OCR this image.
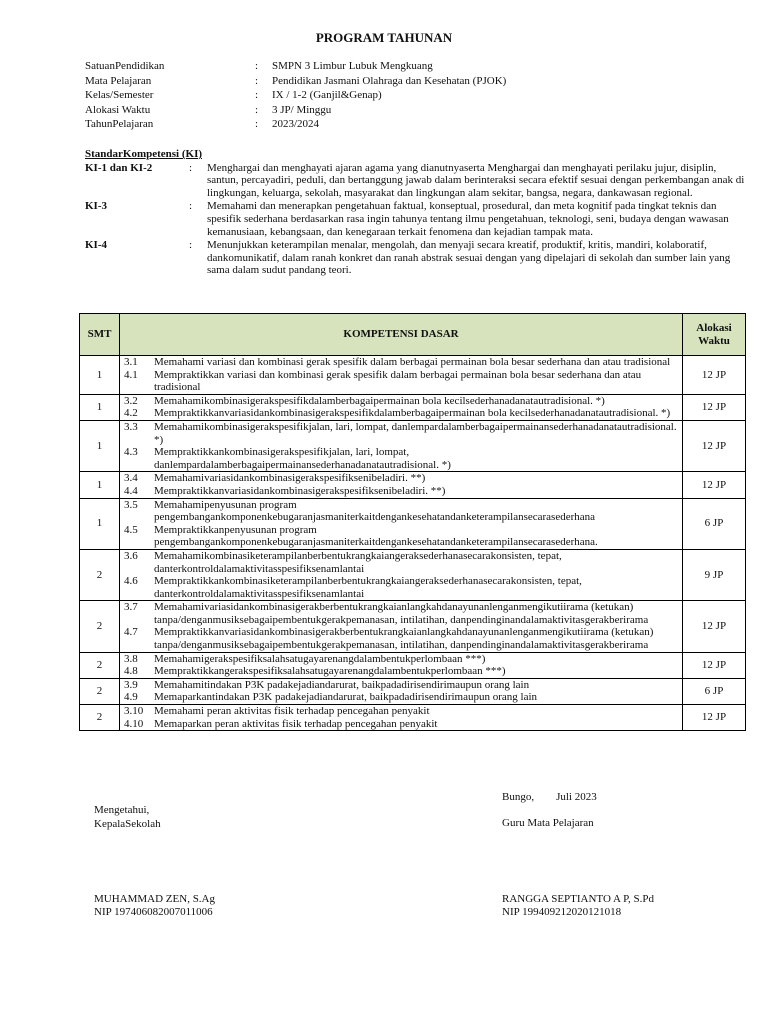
PROGRAM TAHUNAN
SatuanPendidikan	:	SMPN 3 Limbur Lubuk Mengkuang
Mata Pelajaran	:	Pendidikan Jasmani Olahraga dan Kesehatan (PJOK)
Kelas/Semester	:	IX / 1-2 (Ganjil&Genap)
Alokasi Waktu	:	3 JP/ Minggu
TahunPelajaran	:	2023/2024
StandarKompetensi (KI)
KI-1 dan KI-2	:	Menghargai dan menghayati ajaran agama yang dianutnyaserta Menghargai dan menghayati perilaku jujur, disiplin, santun, percayadiri, peduli, dan bertanggung jawab dalam berinteraksi secara efektif sesuai dengan perkembangan anak di lingkungan, keluarga, sekolah, masyarakat dan lingkungan alam sekitar, bangsa, negara, dankawasan regional.
KI-3	:	Memahami dan menerapkan pengetahuan faktual, konseptual, prosedural, dan meta kognitif pada tingkat teknis dan spesifik sederhana berdasarkan rasa ingin tahunya tentang ilmu pengetahuan, teknologi, seni, budaya dengan wawasan kemanusiaan, kebangsaan, dan kenegaraan terkait fenomena dan kejadian tampak mata.
KI-4	:	Menunjukkan keterampilan menalar, mengolah, dan menyaji secara kreatif, produktif, kritis, mandiri, kolaboratif, dankomunikatif, dalam ranah konkret dan ranah abstrak sesuai dengan yang dipelajari di sekolah dan sumber lain yang sama dalam sudut pandang teori.
SMT	KOMPETENSI DASAR	Alokasi Waktu
1	3.1 Memahami variasi dan kombinasi gerak spesifik dalam berbagai permainan bola besar sederhana dan atau tradisional
4.1 Mempraktikkan variasi dan kombinasi gerak spesifik dalam berbagai permainan bola besar sederhana dan atau tradisional	12 JP
1	3.2 Memahamikombinasigerakspesifikdalamberbagaipermainan bola kecilsederhanadanatautradisional. *)
4.2 Mempraktikkanvariasidankombinasigerakspesifikdalamberbagaipermainan bola kecilsederhanadanatautradisional. *)	12 JP
1	3.3 Memahamikombinasigerakspesifikjalan, lari, lompat, danlempardalamberbagaipermainansederhanadanatautradisional. *)
4.3 Mempraktikkankombinasigerakspesifikjalan, lari, lompat, danlempardalamberbagaipermainansederhanadanatautradisional. *)	12 JP
1	3.4 Memahamivariasidankombinasigerakspesifiksenibeladiri. **)
4.4 Mempraktikkanvariasidankombinasigerakspesifiksenibeladiri. **)	12 JP
1	3.5 Memahamipenyusunan program pengembangankomponenkebugaranjasmaniterkaitdengankesehatandanketerampilansecarasederhana
4.5 Mempraktikkanpenyusunan program pengembangankomponenkebugaranjasmaniterkaitdengankesehatandanketerampilansecarasederhana.	6 JP
2	3.6 Memahamikombinasiketerampilanberbentukrangkaiangeraksederhanasecarakonsisten, tepat, danterkontroldalamaktivitasspesifiksenamlantai
4.6 Mempraktikkankombinasiketerampilanberbentukrangkaiangeraksederhanasecarakonsisten, tepat, danterkontroldalamaktivitasspesifiksenamlantai	9 JP
2	3.7 Memahamivariasidankombinasigerakberbentukrangkaianlangkahdanayunanlenganmengikutiirama (ketukan) tanpa/denganmusiksebagaipembentukgerakpemanasan, intilatihan, danpendinginandalamaktivitasgerakberirama
4.7 Mempraktikkanvariasidankombinasigerakberbentukrangkaianlangkahdanayunanlenganmengikutiirama (ketukan) tanpa/denganmusiksebagaipembentukgerakpemanasan, intilatihan, danpendinginandalamaktivitasgerakberirama	12 JP
2	3.8 Memahamigerakspesifiksalahsatugayarenangdalambentukperlombaan ***)
4.8 Mempraktikkangerakspesifiksalahsatugayarenangdalambentukperlombaan ***)	12 JP
2	3.9 Memahamitindakan P3K padakejadiandarurat, baikpadadirisendirimaupun orang lain
4.9 Memaparkantindakan P3K padakejadiandarurat, baikpadadirisendirimaupun orang lain	6 JP
2	3.10 Memahami peran aktivitas fisik terhadap pencegahan penyakit
4.10 Memaparkan peran aktivitas fisik terhadap pencegahan penyakit	12 JP
Bungo, Juli 2023
Mengetahui,
KepalaSekolah	Guru Mata Pelajaran
MUHAMMAD ZEN, S.Ag
NIP 197406082007011006
RANGGA SEPTIANTO A P, S.Pd
NIP 199409212020121018
